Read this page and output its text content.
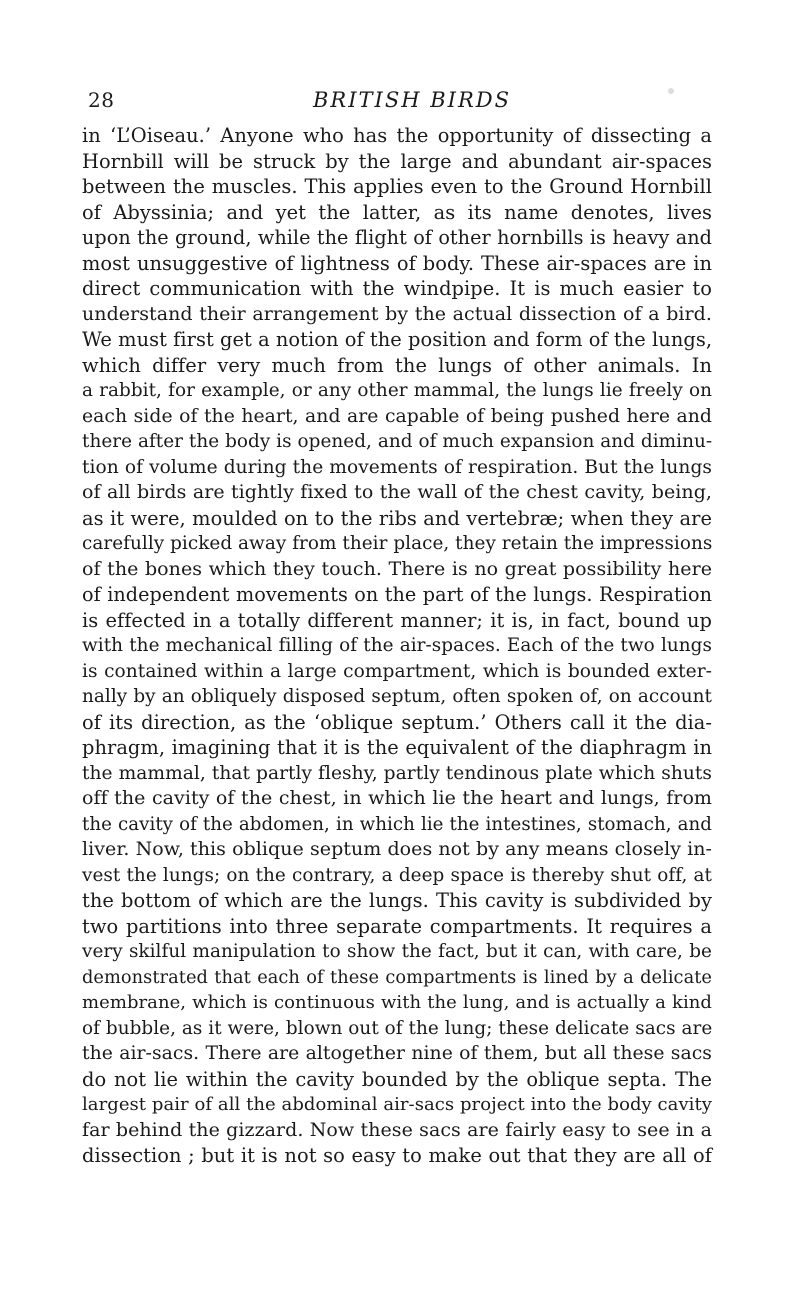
28	BRITISH BIRDS
in ‘L’Oiseau.’ Anyone who has the opportunity of dissecting a
Hornbill will be struck by the large and abundant air-spaces
between the muscles. This applies even to the Ground Hornbill
of Abyssinia; and yet the latter, as its name denotes, lives
upon the ground, while the flight of other hornbills is heavy and
most unsuggestive of lightness of body. These air-spaces are in
direct communication with the windpipe. It is much easier to
understand their arrangement by the actual dissection of a bird.
We must first get a notion of the position and form of the lungs,
which differ very much from the lungs of other animals. In
a rabbit, for example, or any other mammal, the lungs lie freely on
each side of the heart, and are capable of being pushed here and
there after the body is opened, and of much expansion and diminu-
tion of volume during the movements of respiration. But the lungs
of all birds are tightly fixed to the wall of the chest cavity, being,
as it were, moulded on to the ribs and vertebræ; when they are
carefully picked away from their place, they retain the impressions
of the bones which they touch. There is no great possibility here
of independent movements on the part of the lungs. Respiration
is effected in a totally different manner; it is, in fact, bound up
with the mechanical filling of the air-spaces. Each of the two lungs
is contained within a large compartment, which is bounded exter-
nally by an obliquely disposed septum, often spoken of, on account
of its direction, as the ‘oblique septum.’ Others call it the dia-
phragm, imagining that it is the equivalent of the diaphragm in
the mammal, that partly fleshy, partly tendinous plate which shuts
off the cavity of the chest, in which lie the heart and lungs, from
the cavity of the abdomen, in which lie the intestines, stomach, and
liver. Now, this oblique septum does not by any means closely in-
vest the lungs; on the contrary, a deep space is thereby shut off, at
the bottom of which are the lungs. This cavity is subdivided by
two partitions into three separate compartments. It requires a
very skilful manipulation to show the fact, but it can, with care, be
demonstrated that each of these compartments is lined by a delicate
membrane, which is continuous with the lung, and is actually a kind
of bubble, as it were, blown out of the lung; these delicate sacs are
the air-sacs. There are altogether nine of them, but all these sacs
do not lie within the cavity bounded by the oblique septa. The
largest pair of all the abdominal air-sacs project into the body cavity
far behind the gizzard. Now these sacs are fairly easy to see in a
dissection ; but it is not so easy to make out that they are all of
